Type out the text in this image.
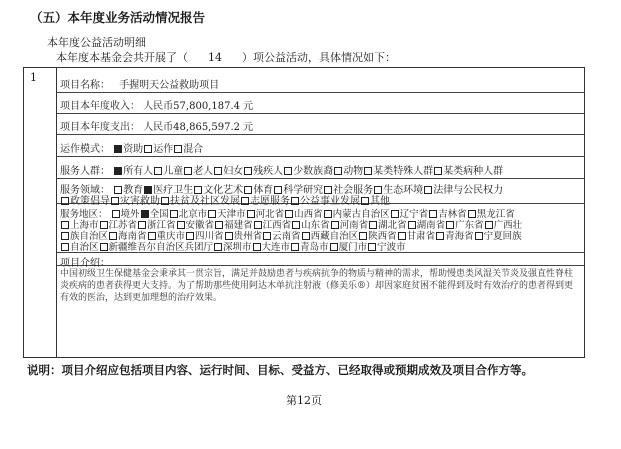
（五）本年度业务活动情况报告
本年度公益活动明细
本年度本基金会共开展了（ 14 ）项公益活动，具体情况如下：
1
项目名称： 手握明天公益救助项目
项目本年度收入： 人民币57,800,187.4 元
项目本年度支出： 人民币48,865,597.2 元
运作模式： 资助 运作 混合
服务人群： 所有人 儿童 老人 妇女 残疾人 少数族裔 动物 某类特殊人群 某类病种人群
服务领域： 教育 医疗卫生 文化艺术 体育 科学研究 社会服务 生态环境 法律与公民权力
政策倡导 灾害救助 扶贫及社区发展 志愿服务 公益事业发展 其他
服务地区： 境外 全国 北京市 天津市 河北省 山西省 内蒙古自治区 辽宁省 吉林省 黑龙江省
上海市 江苏省 浙江省 安徽省 福建省 江西省 山东省 河南省 湖北省 湖南省 广东省 广西壮
族自治区 海南省 重庆市 四川省 贵州省 云南省 西藏自治区 陕西省 甘肃省 青海省 宁夏回族
自治区 新疆维吾尔自治区兵团厅 深圳市 大连市 青岛市 厦门市 宁波市
项目介绍：
中国初级卫生保健基金会秉承其一贯宗旨，满足并鼓励患者与疾病抗争的物质与精神的需求，帮助慢患类风湿关节炎及强直性脊柱炎疾病的患者获得更大支持。为了帮助那些使用阿达木单抗注射液（修美乐®）却因家庭贫困不能得到及时有效治疗的患者得到更有效的医治，达到更加理想的治疗效果。
说明：项目介绍应包括项目内容、运行时间、目标、受益方、已经取得或预期成效及项目合作方等。
第12页
